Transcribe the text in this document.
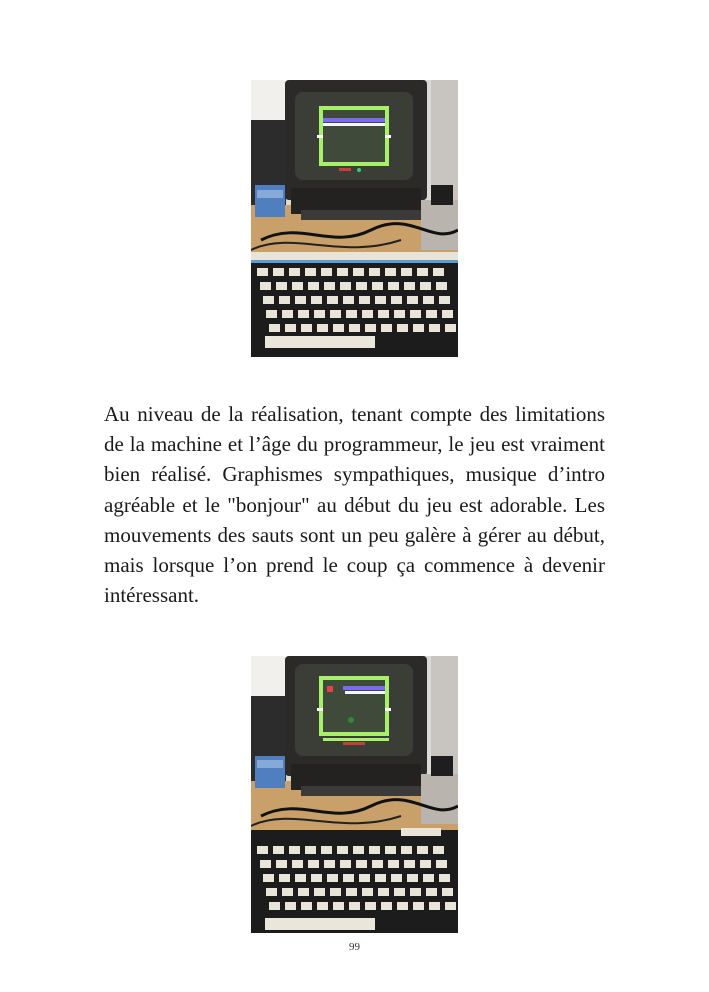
Au niveau de la réalisation, tenant compte des limitations de la machine et l’âge du programmeur, le jeu est vraiment bien réalisé. Graphismes sympathiques, musique d’intro agréable et le "bonjour" au début du jeu est adorable. Les mouvements des sauts sont un peu galère à gérer au début, mais lorsque l’on prend le coup ça commence à devenir intéressant.

99
